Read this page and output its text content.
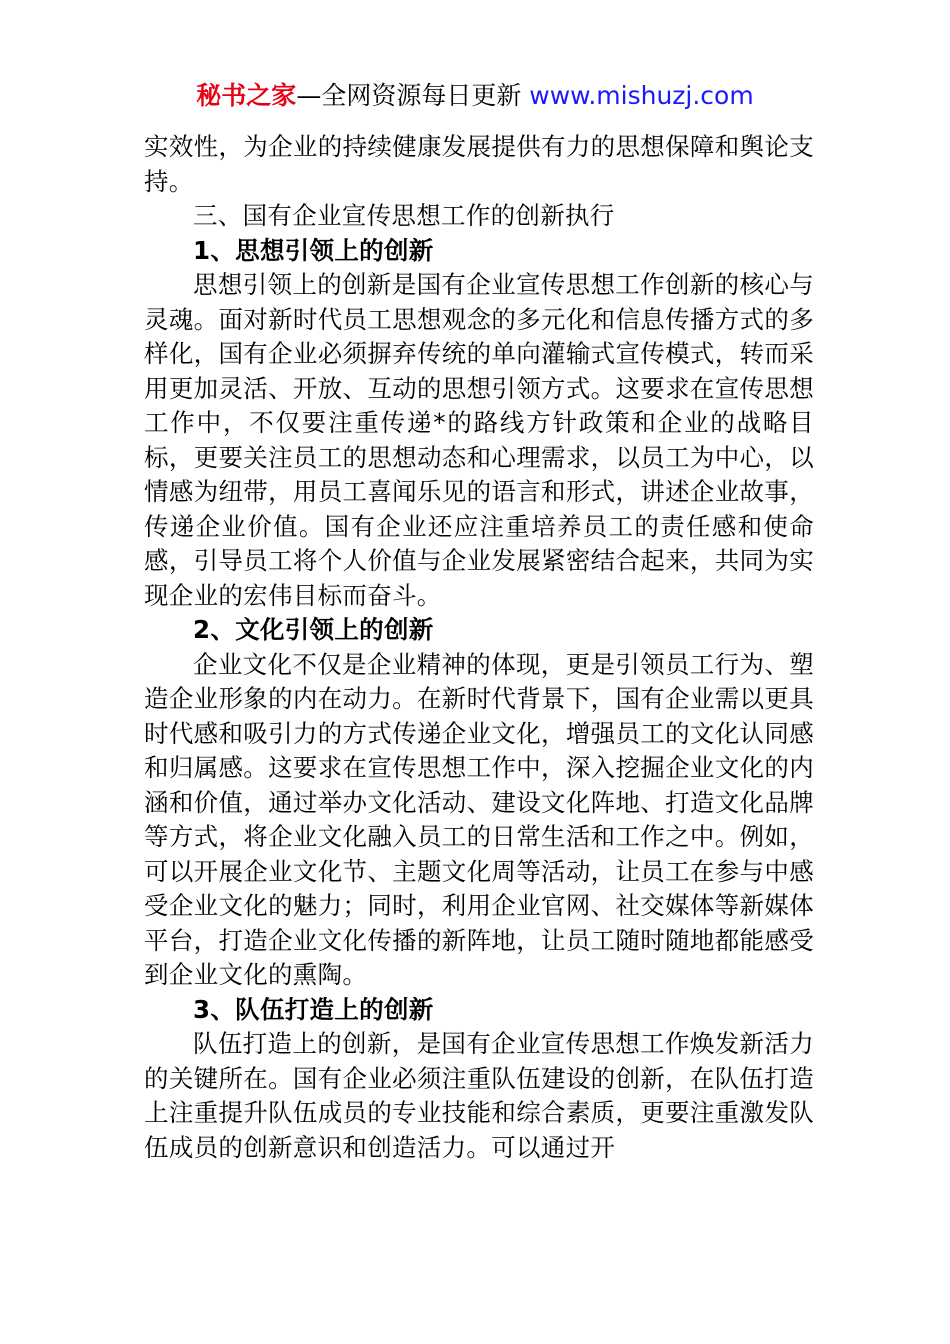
秘书之家—全网资源每日更新 www.mishuzj.com

实效性，为企业的持续健康发展提供有力的思想保障和舆论支持。

三、国有企业宣传思想工作的创新执行

1、思想引领上的创新

思想引领上的创新是国有企业宣传思想工作创新的核心与灵魂。面对新时代员工思想观念的多元化和信息传播方式的多样化，国有企业必须摒弃传统的单向灌输式宣传模式，转而采用更加灵活、开放、互动的思想引领方式。这要求在宣传思想工作中，不仅要注重传递*的路线方针政策和企业的战略目标，更要关注员工的思想动态和心理需求，以员工为中心，以情感为纽带，用员工喜闻乐见的语言和形式，讲述企业故事，传递企业价值。国有企业还应注重培养员工的责任感和使命感，引导员工将个人价值与企业发展紧密结合起来，共同为实现企业的宏伟目标而奋斗。

2、文化引领上的创新

企业文化不仅是企业精神的体现，更是引领员工行为、塑造企业形象的内在动力。在新时代背景下，国有企业需以更具时代感和吸引力的方式传递企业文化，增强员工的文化认同感和归属感。这要求在宣传思想工作中，深入挖掘企业文化的内涵和价值，通过举办文化活动、建设文化阵地、打造文化品牌等方式，将企业文化融入员工的日常生活和工作之中。例如，可以开展企业文化节、主题文化周等活动，让员工在参与中感受企业文化的魅力；同时，利用企业官网、社交媒体等新媒体平台，打造企业文化传播的新阵地，让员工随时随地都能感受到企业文化的熏陶。

3、队伍打造上的创新

队伍打造上的创新，是国有企业宣传思想工作焕发新活力的关键所在。国有企业必须注重队伍建设的创新，在队伍打造上注重提升队伍成员的专业技能和综合素质，更要注重激发队伍成员的创新意识和创造活力。可以通过开
